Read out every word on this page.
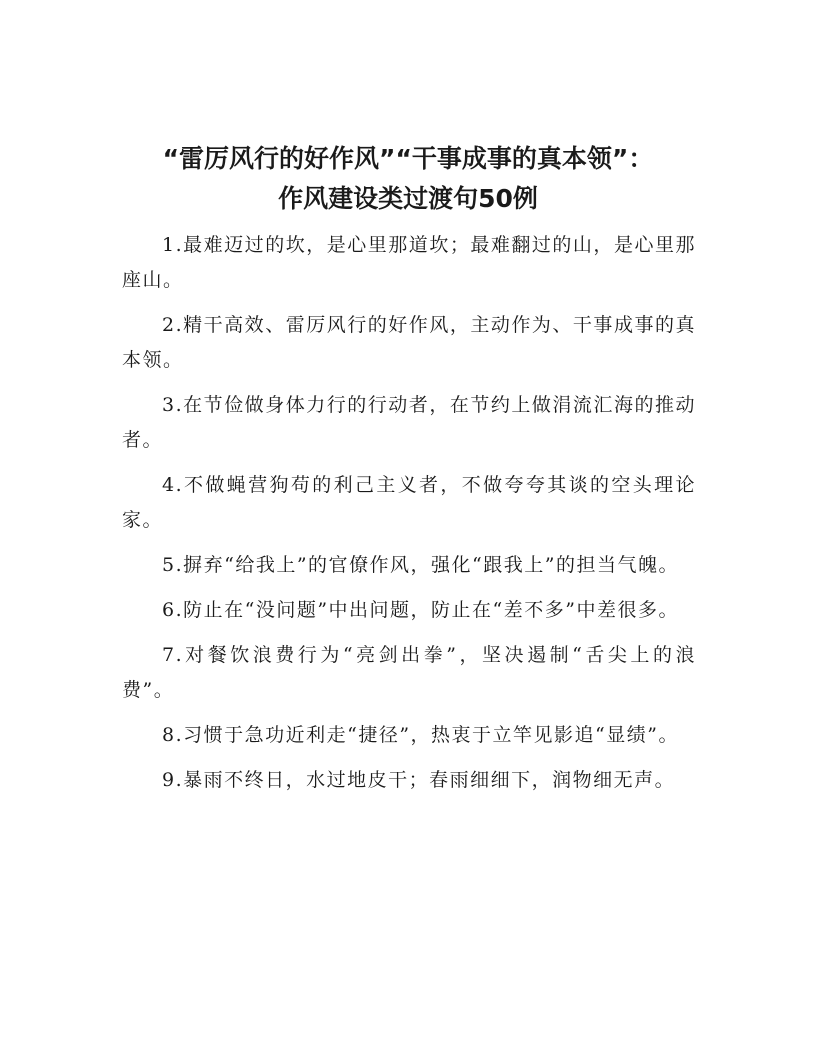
“雷厉风行的好作风”“干事成事的真本领”：
作风建设类过渡句50例

1.最难迈过的坎，是心里那道坎；最难翻过的山，是心里那座山。

2.精干高效、雷厉风行的好作风，主动作为、干事成事的真本领。

3.在节俭做身体力行的行动者，在节约上做涓流汇海的推动者。

4.不做蝇营狗苟的利己主义者，不做夸夸其谈的空头理论家。

5.摒弃“给我上”的官僚作风，强化“跟我上”的担当气魄。

6.防止在“没问题”中出问题，防止在“差不多”中差很多。

7.对餐饮浪费行为“亮剑出拳”，坚决遏制“舌尖上的浪费”。

8.习惯于急功近利走“捷径”，热衷于立竿见影追“显绩”。

9.暴雨不终日，水过地皮干；春雨细细下，润物细无声。
